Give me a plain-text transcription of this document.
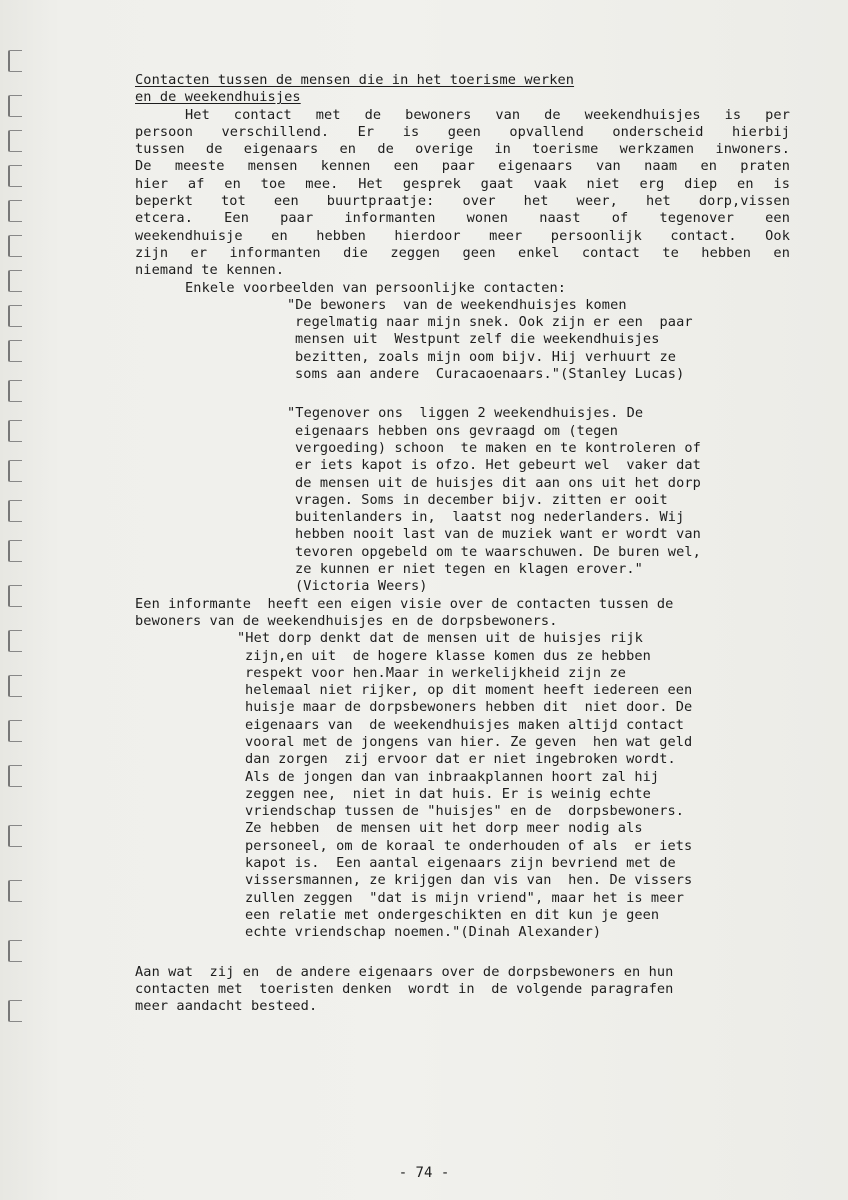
Contacten tussen de mensen die in het toerisme werken
en de weekendhuisjes
Het contact met de bewoners van de weekendhuisjes is per
persoon verschillend. Er is geen opvallend onderscheid hierbij
tussen de eigenaars en de overige in toerisme werkzamen inwoners.
De meeste mensen kennen een paar eigenaars van naam en praten
hier af en toe mee. Het gesprek gaat vaak niet erg diep en is
beperkt tot een buurtpraatje: over het weer, het dorp,vissen
etcera. Een paar informanten wonen naast of tegenover een
weekendhuisje en hebben hierdoor meer persoonlijk contact. Ook
zijn er informanten die zeggen geen enkel contact te hebben en
niemand te kennen.
Enkele voorbeelden van persoonlijke contacten:
"De bewoners  van de weekendhuisjes komen
regelmatig naar mijn snek. Ook zijn er een  paar
mensen uit  Westpunt zelf die weekendhuisjes
bezitten, zoals mijn oom bijv. Hij verhuurt ze
soms aan andere  Curacaoenaars."(Stanley Lucas)
"Tegenover ons  liggen 2 weekendhuisjes. De
eigenaars hebben ons gevraagd om (tegen
vergoeding) schoon  te maken en te kontroleren of
er iets kapot is ofzo. Het gebeurt wel  vaker dat
de mensen uit de huisjes dit aan ons uit het dorp
vragen. Soms in december bijv. zitten er ooit
buitenlanders in,  laatst nog nederlanders. Wij
hebben nooit last van de muziek want er wordt van
tevoren opgebeld om te waarschuwen. De buren wel,
ze kunnen er niet tegen en klagen erover."
(Victoria Weers)
Een informante  heeft een eigen visie over de contacten tussen de
bewoners van de weekendhuisjes en de dorpsbewoners.
"Het dorp denkt dat de mensen uit de huisjes rijk
zijn,en uit  de hogere klasse komen dus ze hebben
respekt voor hen.Maar in werkelijkheid zijn ze
helemaal niet rijker, op dit moment heeft iedereen een
huisje maar de dorpsbewoners hebben dit  niet door. De
eigenaars van  de weekendhuisjes maken altijd contact
vooral met de jongens van hier. Ze geven  hen wat geld
dan zorgen  zij ervoor dat er niet ingebroken wordt.
Als de jongen dan van inbraakplannen hoort zal hij
zeggen nee,  niet in dat huis. Er is weinig echte
vriendschap tussen de "huisjes" en de  dorpsbewoners.
Ze hebben  de mensen uit het dorp meer nodig als
personeel, om de koraal te onderhouden of als  er iets
kapot is.  Een aantal eigenaars zijn bevriend met de
vissersmannen, ze krijgen dan vis van  hen. De vissers
zullen zeggen  "dat is mijn vriend", maar het is meer
een relatie met ondergeschikten en dit kun je geen
echte vriendschap noemen."(Dinah Alexander)
Aan wat  zij en  de andere eigenaars over de dorpsbewoners en hun
contacten met  toeristen denken  wordt in  de volgende paragrafen
meer aandacht besteed.
- 74 -
